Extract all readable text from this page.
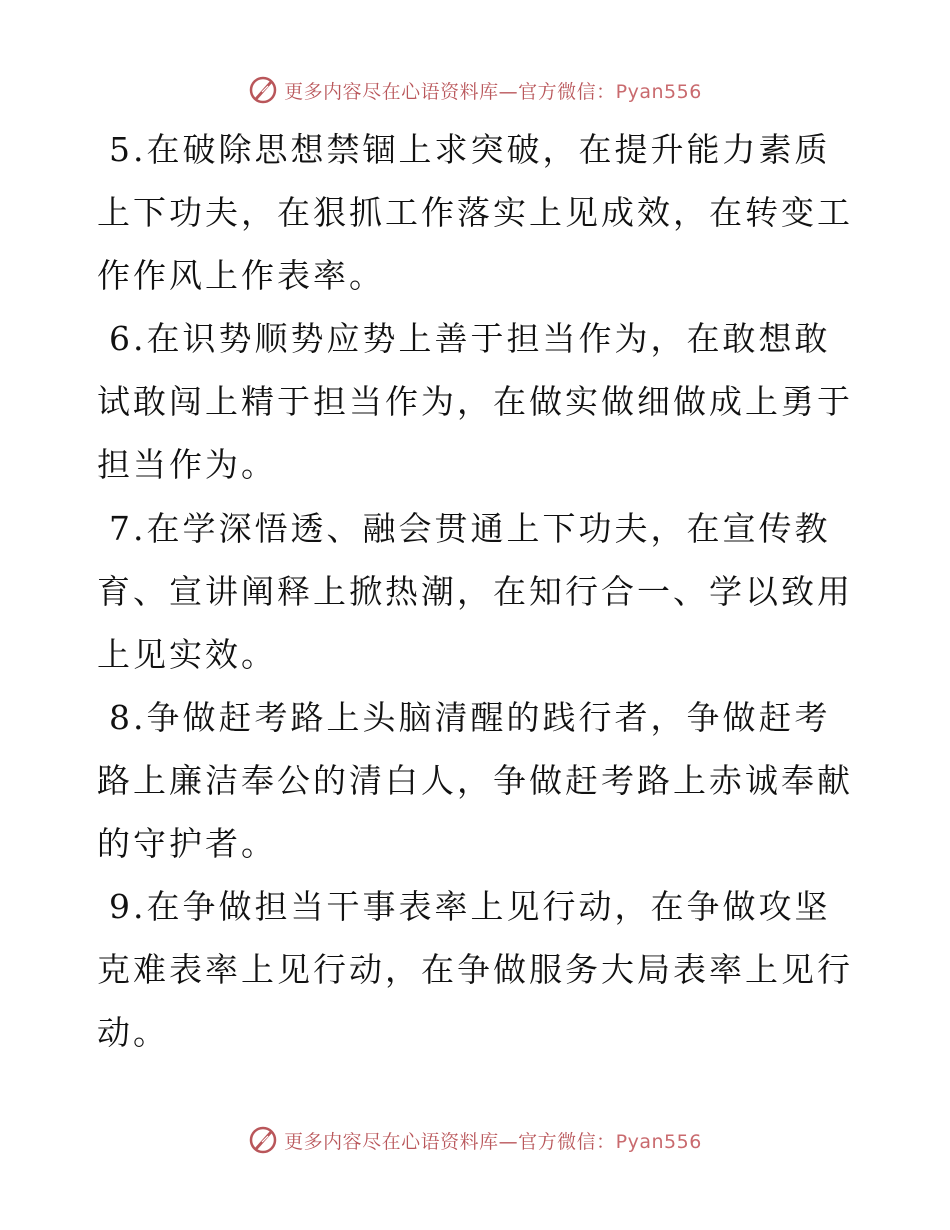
更多内容尽在心语资料库—官方微信：Pyan556

5.在破除思想禁锢上求突破，在提升能力素质上下功夫，在狠抓工作落实上见成效，在转变工作作风上作表率。

6.在识势顺势应势上善于担当作为，在敢想敢试敢闯上精于担当作为，在做实做细做成上勇于担当作为。

7.在学深悟透、融会贯通上下功夫，在宣传教育、宣讲阐释上掀热潮，在知行合一、学以致用上见实效。

8.争做赶考路上头脑清醒的践行者，争做赶考路上廉洁奉公的清白人，争做赶考路上赤诚奉献的守护者。

9.在争做担当干事表率上见行动，在争做攻坚克难表率上见行动，在争做服务大局表率上见行动。

更多内容尽在心语资料库—官方微信：Pyan556
